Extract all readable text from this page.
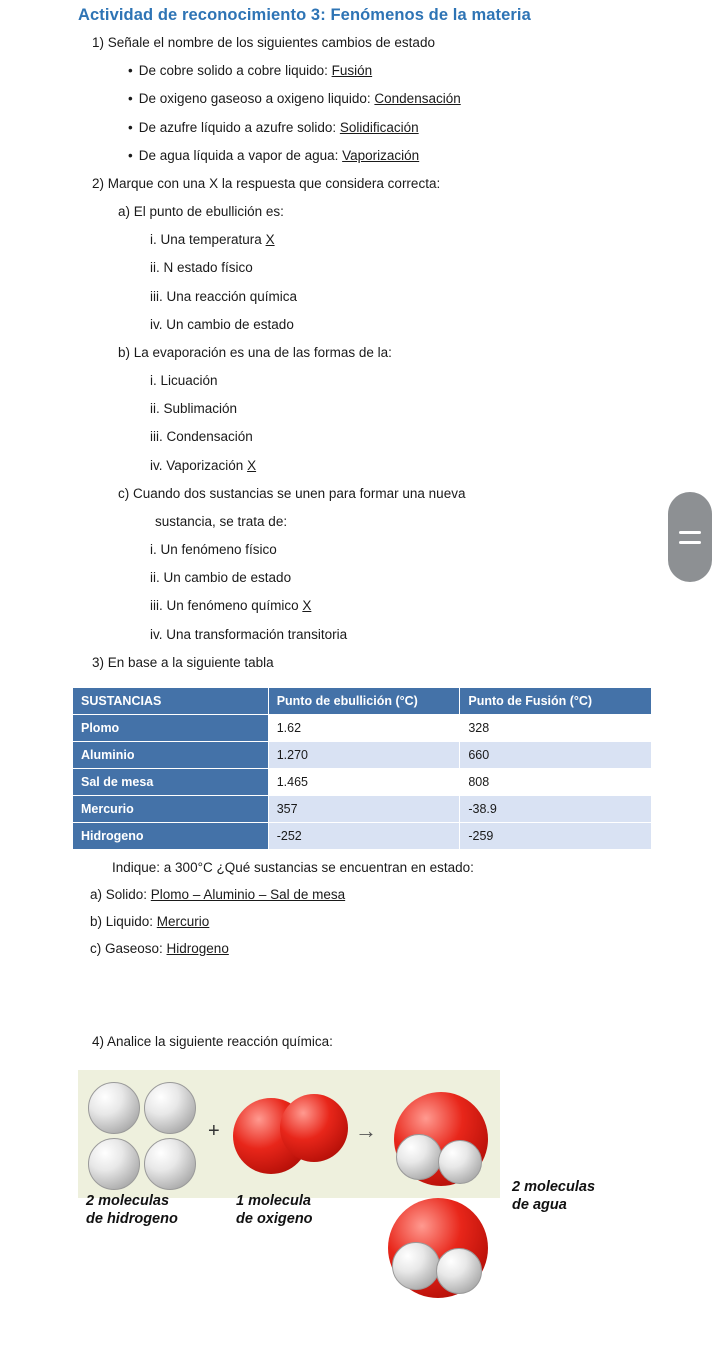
Actividad de reconocimiento 3: Fenómenos de la materia
1) Señale el nombre de los siguientes cambios de estado
• De cobre solido a cobre liquido: Fusión
• De oxigeno gaseoso a oxigeno liquido: Condensación
• De azufre líquido a azufre solido: Solidificación
• De agua líquida a vapor de agua: Vaporización
2) Marque con una X la respuesta que considera correcta:
a) El punto de ebullición es:
i. Una temperatura X
ii. N estado físico
iii. Una reacción química
iv. Un cambio de estado
b) La evaporación es una de las formas de la:
i. Licuación
ii. Sublimación
iii. Condensación
iv. Vaporización X
c) Cuando dos sustancias se unen para formar una nueva
sustancia, se trata de:
i. Un fenómeno físico
ii. Un cambio de estado
iii. Un fenómeno químico X
iv. Una transformación transitoria
3) En base a la siguiente tabla
SUSTANCIAS	Punto de ebullición (°C)	Punto de Fusión (°C)
Plomo	1.62	328
Aluminio	1.270	660
Sal de mesa	1.465	808
Mercurio	357	-38.9
Hidrogeno	-252	-259
Indique: a 300°C ¿Qué sustancias se encuentran en estado:
a) Solido: Plomo – Aluminio – Sal de mesa
b) Liquido: Mercurio
c) Gaseoso: Hidrogeno
4) Analice la siguiente reacción química:
+	→
2 moleculas
de hidrogeno
1 molecula
de oxigeno
2 moleculas
de agua
